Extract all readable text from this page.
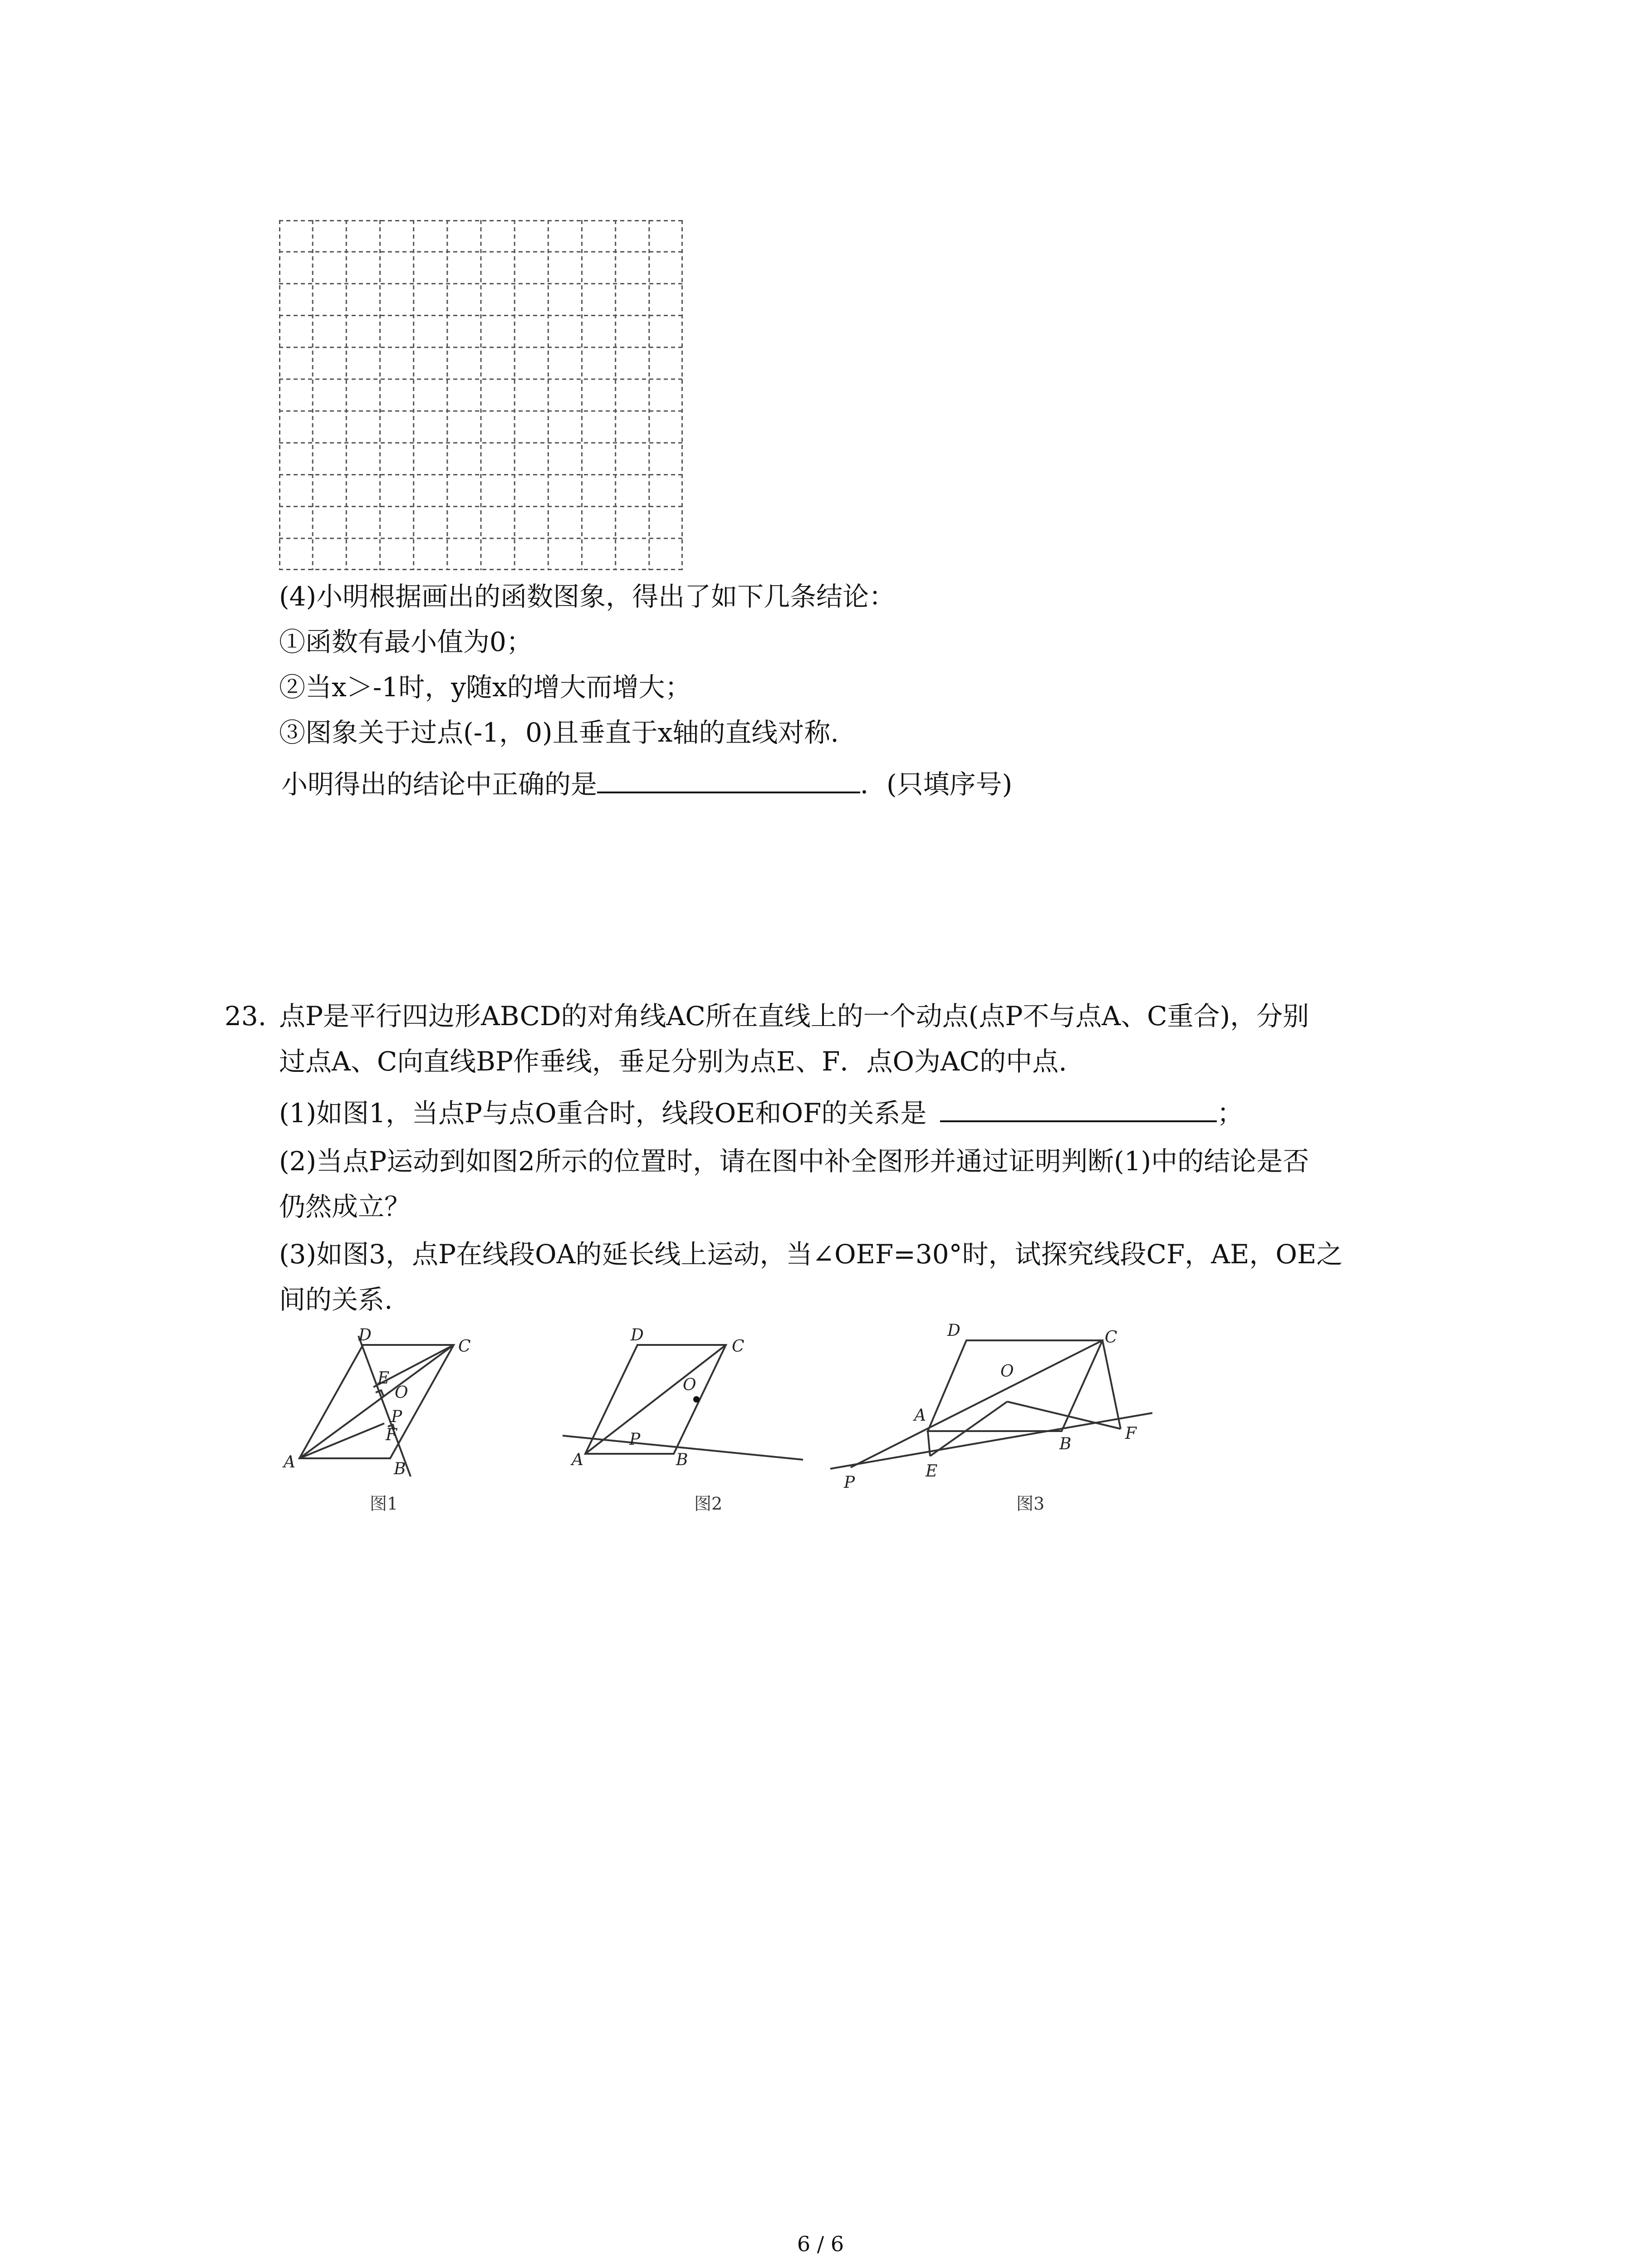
(4)小明根据画出的函数图象，得出了如下几条结论：
①函数有最小值为0；
②当x＞-1时，y随x的增大而增大；
③图象关于过点(-1，0)且垂直于x轴的直线对称.
小明得出的结论中正确的是	．(只填序号)
23. 点P是平行四边形ABCD的对角线AC所在直线上的一个动点(点P不与点A、C重合)，分别
过点A、C向直线BP作垂线，垂足分别为点E、F．点O为AC的中点.
(1)如图1，当点P与点O重合时，线段OE和OF的关系是	；
(2)当点P运动到如图2所示的位置时，请在图中补全图形并通过证明判断(1)中的结论是否
仍然成立？
(3)如图3，点P在线段OA的延长线上运动，当∠OEF=30°时，试探究线段CF，AE，OE之
间的关系.
D
E
O
C
P
F
A	B
图1
D
C
O
P
A	B
图2
D	C
O
A
B
F
P
E
图3
6 / 6
